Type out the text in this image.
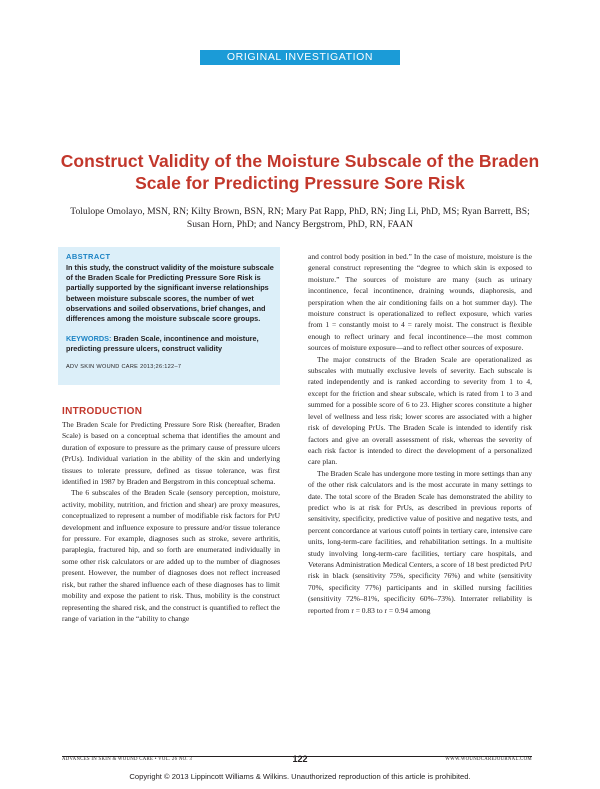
ORIGINAL INVESTIGATION
Construct Validity of the Moisture Subscale of the Braden Scale for Predicting Pressure Sore Risk
Tolulope Omolayo, MSN, RN; Kilty Brown, BSN, RN; Mary Pat Rapp, PhD, RN; Jing Li, PhD, MS; Ryan Barrett, BS; Susan Horn, PhD; and Nancy Bergstrom, PhD, RN, FAAN
ABSTRACT
In this study, the construct validity of the moisture subscale of the Braden Scale for Predicting Pressure Sore Risk is partially supported by the significant inverse relationships between moisture subscale scores, the number of wet observations and soiled observations, brief changes, and differences among the moisture subscale score groups.
KEYWORDS: Braden Scale, incontinence and moisture, predicting pressure ulcers, construct validity
ADV SKIN WOUND CARE 2013;26:122–7
INTRODUCTION

The Braden Scale for Predicting Pressure Sore Risk (hereafter, Braden Scale) is based on a conceptual schema that identifies the amount and duration of exposure to pressure as the primary cause of pressure ulcers (PrUs). Individual variation in the ability of the skin and underlying tissues to tolerate pressure, defined as tissue tolerance, was first identified in 1987 by Braden and Bergstrom in this conceptual schema.

The 6 subscales of the Braden Scale (sensory perception, moisture, activity, mobility, nutrition, and friction and shear) are proxy measures, conceptualized to represent a number of modifiable risk factors for PrU development and influence exposure to pressure and/or tissue tolerance for pressure. For example, diagnoses such as stroke, severe arthritis, paraplegia, fractured hip, and so forth are enumerated individually in some other risk calculators or are added up to the number of diagnoses present. However, the number of diagnoses does not reflect increased risk, but rather the shared influence each of these diagnoses has to limit mobility and expose the patient to risk. Thus, mobility is the construct representing the shared risk, and the construct is quantified to reflect the range of variation in the “ability to change

and control body position in bed.” In the case of moisture, moisture is the general construct representing the “degree to which skin is exposed to moisture.” The sources of moisture are many (such as urinary incontinence, fecal incontinence, draining wounds, diaphoresis, and perspiration when the air conditioning fails on a hot summer day). The moisture construct is operationalized to reflect exposure, which varies from 1 = constantly moist to 4 = rarely moist. The construct is flexible enough to reflect urinary and fecal incontinence—the most common sources of moisture exposure—and to reflect other sources of exposure.

The major constructs of the Braden Scale are operationalized as subscales with mutually exclusive levels of severity. Each subscale is rated independently and is ranked according to severity from 1 to 4, except for the friction and shear subscale, which is rated from 1 to 3 and summed for a possible score of 6 to 23. Higher scores constitute a higher level of wellness and less risk; lower scores are associated with a higher risk of developing PrUs. The Braden Scale is intended to identify risk factors and give an overall assessment of risk, whereas the severity of each risk factor is intended to direct the development of a personalized care plan.

The Braden Scale has undergone more testing in more settings than any of the other risk calculators and is the most accurate in many settings to date. The total score of the Braden Scale has demonstrated the ability to predict who is at risk for PrUs, as described in previous reports of sensitivity, specificity, predictive value of positive and negative tests, and percent concordance at various cutoff points in tertiary care, intensive care units, long-term-care facilities, and rehabilitation settings. In a multisite study involving long-term-care facilities, tertiary care hospitals, and Veterans Administration Medical Centers, a score of 18 best predicted PrU risk in black (sensitivity 75%, specificity 76%) and white (sensitivity 70%, specificity 77%) participants and in skilled nursing facilities (sensitivity 72%–81%, specificity 60%–73%). Interrater reliability is reported from r = 0.83 to r = 0.94 among

ADVANCES IN SKIN & WOUND CARE • VOL. 26 NO. 3	122	WWW.WOUNDCAREJOURNAL.COM
Copyright © 2013 Lippincott Williams & Wilkins. Unauthorized reproduction of this article is prohibited.
